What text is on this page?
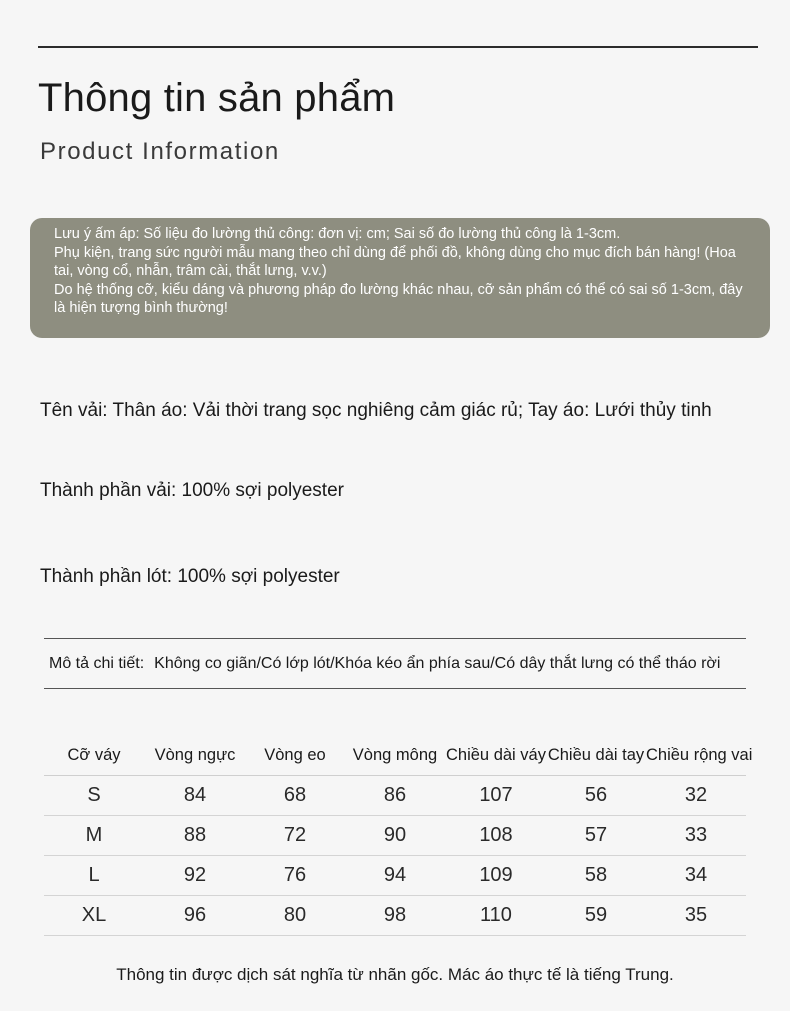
Thông tin sản phẩm
Product Information
Lưu ý ấm áp: Số liệu đo lường thủ công: đơn vị: cm; Sai số đo lường thủ công là 1-3cm.
Phụ kiện, trang sức người mẫu mang theo chỉ dùng để phối đồ, không dùng cho mục đích bán hàng! (Hoa tai, vòng cổ, nhẫn, trâm cài, thắt lưng, v.v.)
Do hệ thống cỡ, kiểu dáng và phương pháp đo lường khác nhau, cỡ sản phẩm có thể có sai số 1-3cm, đây là hiện tượng bình thường!
Tên vải: Thân áo: Vải thời trang sọc nghiêng cảm giác rủ; Tay áo: Lưới thủy tinh
Thành phần vải: 100% sợi polyester
Thành phần lót: 100% sợi polyester
Mô tả chi tiết: Không co giãn/Có lớp lót/Khóa kéo ẩn phía sau/Có dây thắt lưng có thể tháo rời
Cỡ váy	Vòng ngực	Vòng eo	Vòng mông	Chiều dài váy	Chiều dài tay	Chiều rộng vai
S	84	68	86	107	56	32
M	88	72	90	108	57	33
L	92	76	94	109	58	34
XL	96	80	98	110	59	35
Thông tin được dịch sát nghĩa từ nhãn gốc. Mác áo thực tế là tiếng Trung.
